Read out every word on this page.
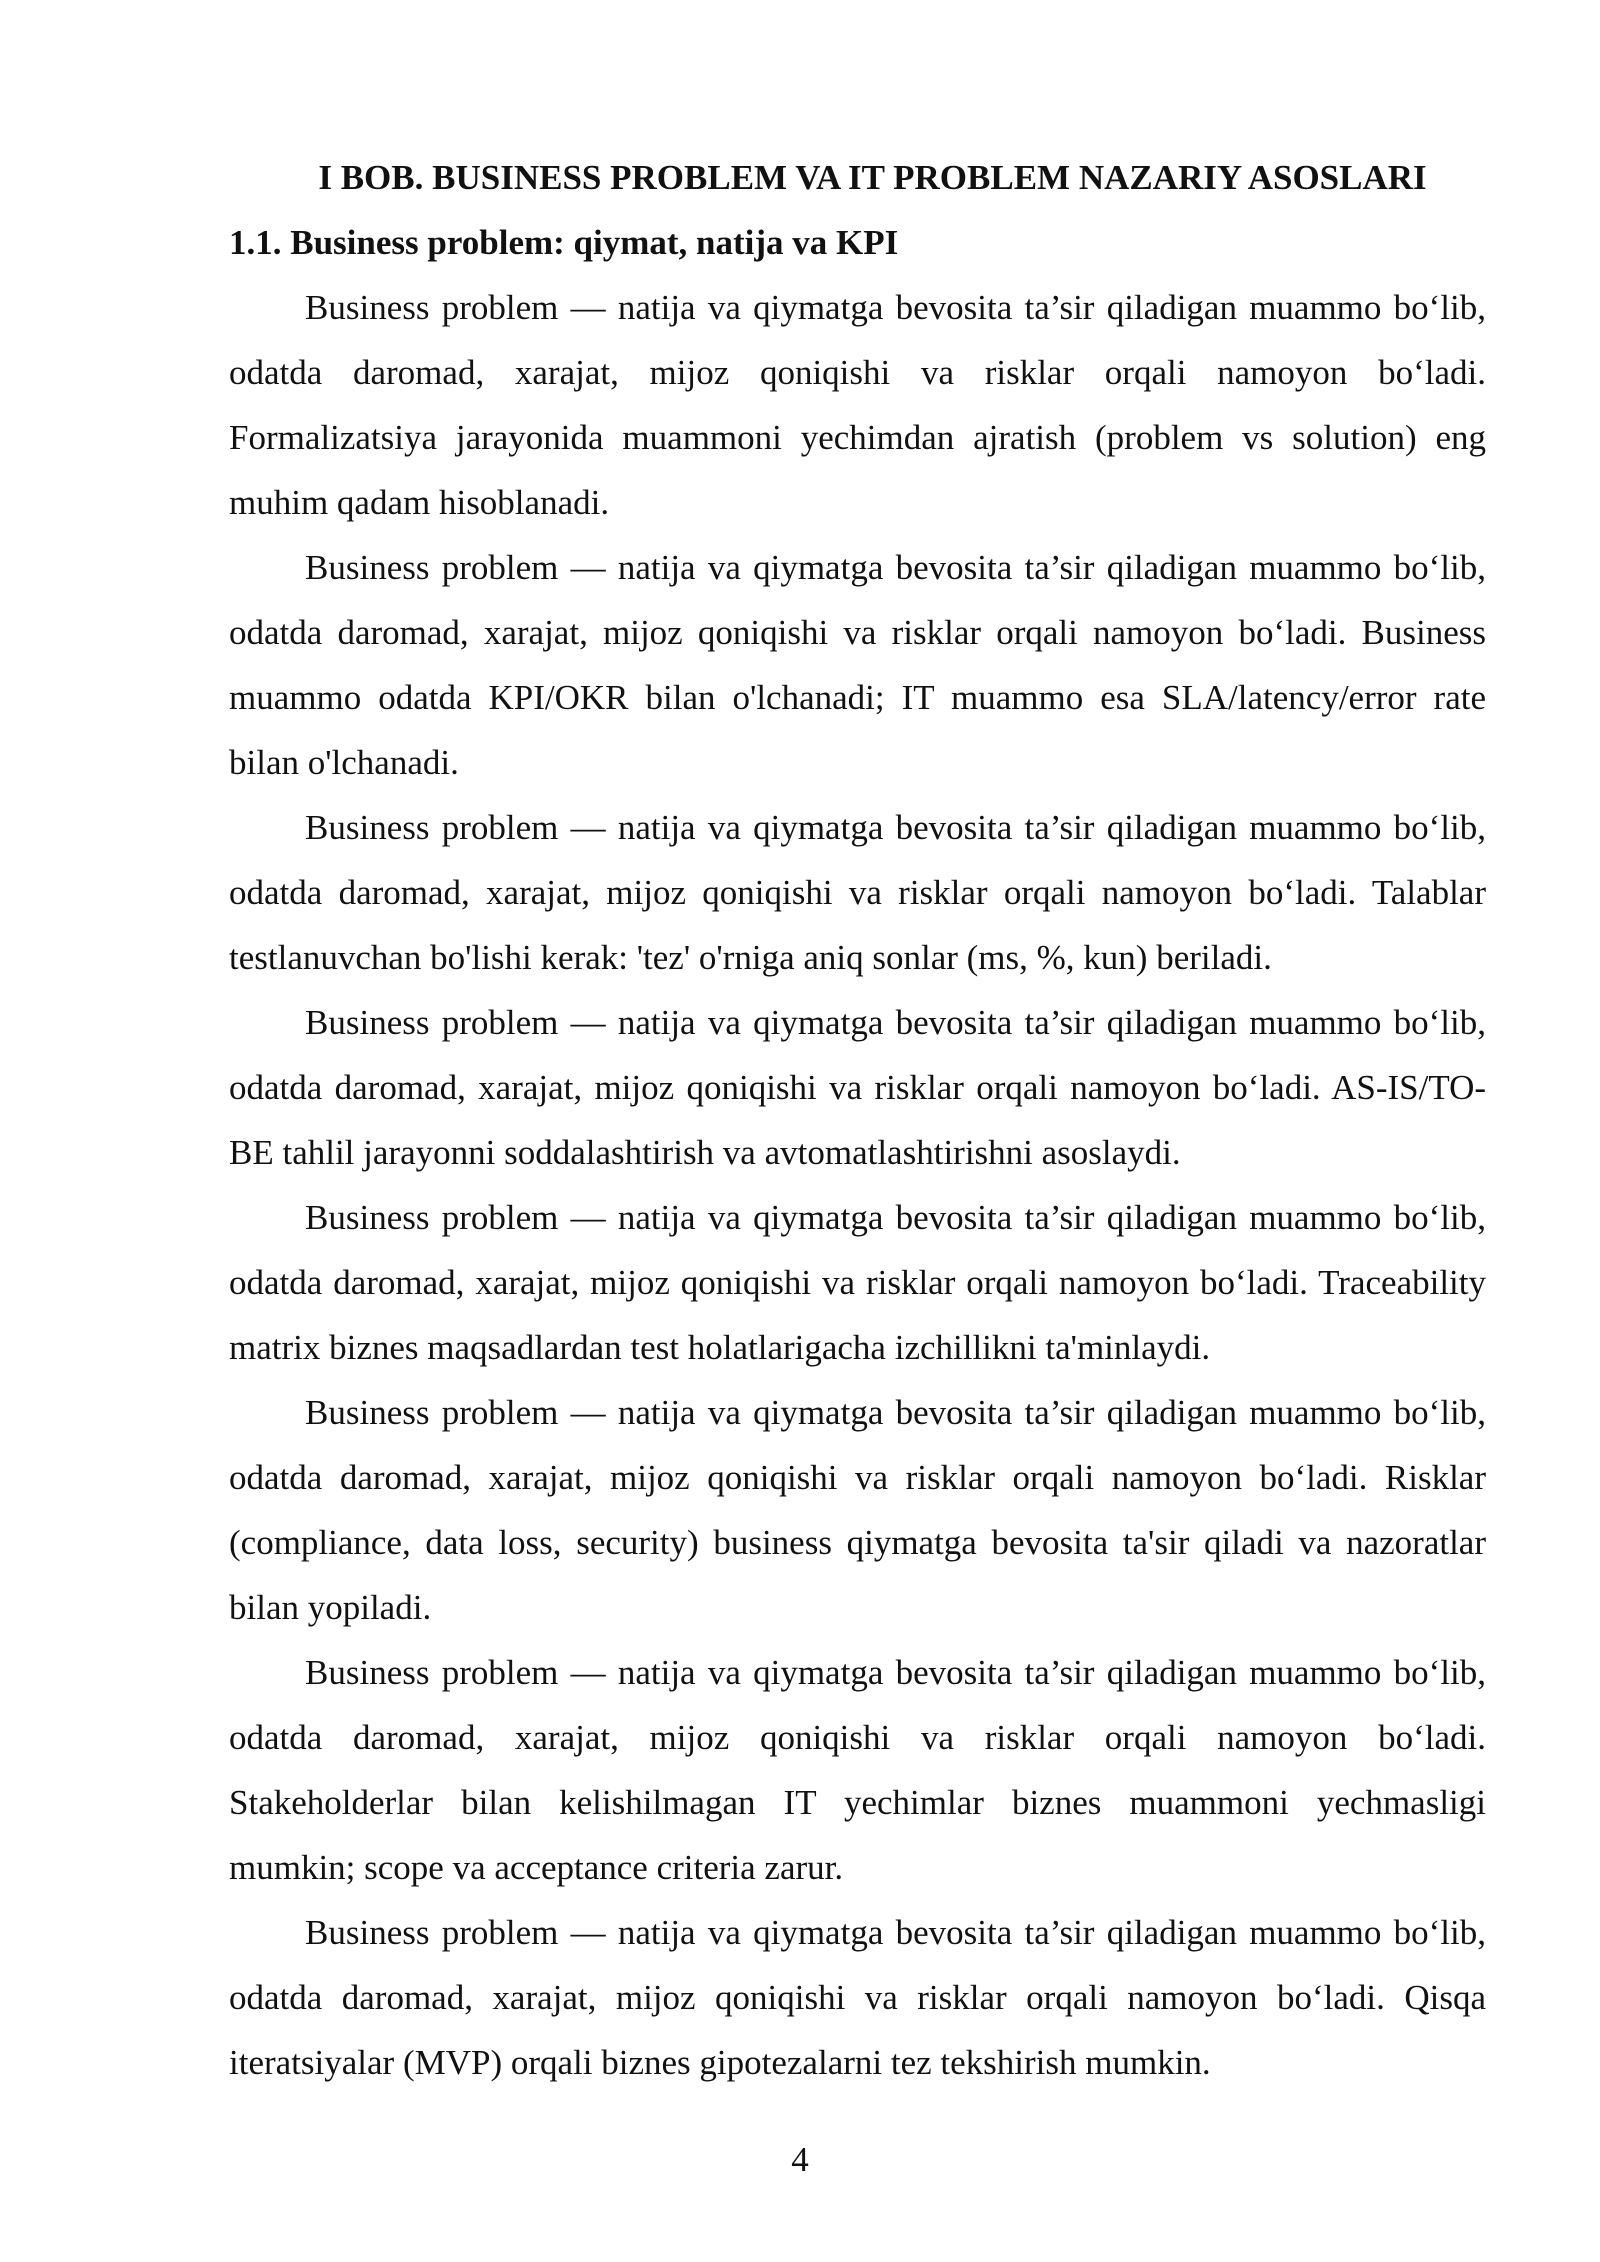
I BOB. BUSINESS PROBLEM VA IT PROBLEM NAZARIY ASOSLARI
1.1. Business problem: qiymat, natija va KPI

Business problem — natija va qiymatga bevosita ta’sir qiladigan muammo bo‘lib, odatda daromad, xarajat, mijoz qoniqishi va risklar orqali namoyon bo‘ladi. Formalizatsiya jarayonida muammoni yechimdan ajratish (problem vs solution) eng muhim qadam hisoblanadi.

Business problem — natija va qiymatga bevosita ta’sir qiladigan muammo bo‘lib, odatda daromad, xarajat, mijoz qoniqishi va risklar orqali namoyon bo‘ladi. Business muammo odatda KPI/OKR bilan o'lchanadi; IT muammo esa SLA/latency/error rate bilan o'lchanadi.

Business problem — natija va qiymatga bevosita ta’sir qiladigan muammo bo‘lib, odatda daromad, xarajat, mijoz qoniqishi va risklar orqali namoyon bo‘ladi. Talablar testlanuvchan bo'lishi kerak: 'tez' o'rniga aniq sonlar (ms, %, kun) beriladi.

Business problem — natija va qiymatga bevosita ta’sir qiladigan muammo bo‘lib, odatda daromad, xarajat, mijoz qoniqishi va risklar orqali namoyon bo‘ladi. AS-IS/TO-BE tahlil jarayonni soddalashtirish va avtomatlashtirishni asoslaydi.

Business problem — natija va qiymatga bevosita ta’sir qiladigan muammo bo‘lib, odatda daromad, xarajat, mijoz qoniqishi va risklar orqali namoyon bo‘ladi. Traceability matrix biznes maqsadlardan test holatlarigacha izchillikni ta'minlaydi.

Business problem — natija va qiymatga bevosita ta’sir qiladigan muammo bo‘lib, odatda daromad, xarajat, mijoz qoniqishi va risklar orqali namoyon bo‘ladi. Risklar (compliance, data loss, security) business qiymatga bevosita ta'sir qiladi va nazoratlar bilan yopiladi.

Business problem — natija va qiymatga bevosita ta’sir qiladigan muammo bo‘lib, odatda daromad, xarajat, mijoz qoniqishi va risklar orqali namoyon bo‘ladi. Stakeholderlar bilan kelishilmagan IT yechimlar biznes muammoni yechmasligi mumkin; scope va acceptance criteria zarur.

Business problem — natija va qiymatga bevosita ta’sir qiladigan muammo bo‘lib, odatda daromad, xarajat, mijoz qoniqishi va risklar orqali namoyon bo‘ladi. Qisqa iteratsiyalar (MVP) orqali biznes gipotezalarni tez tekshirish mumkin.

4
